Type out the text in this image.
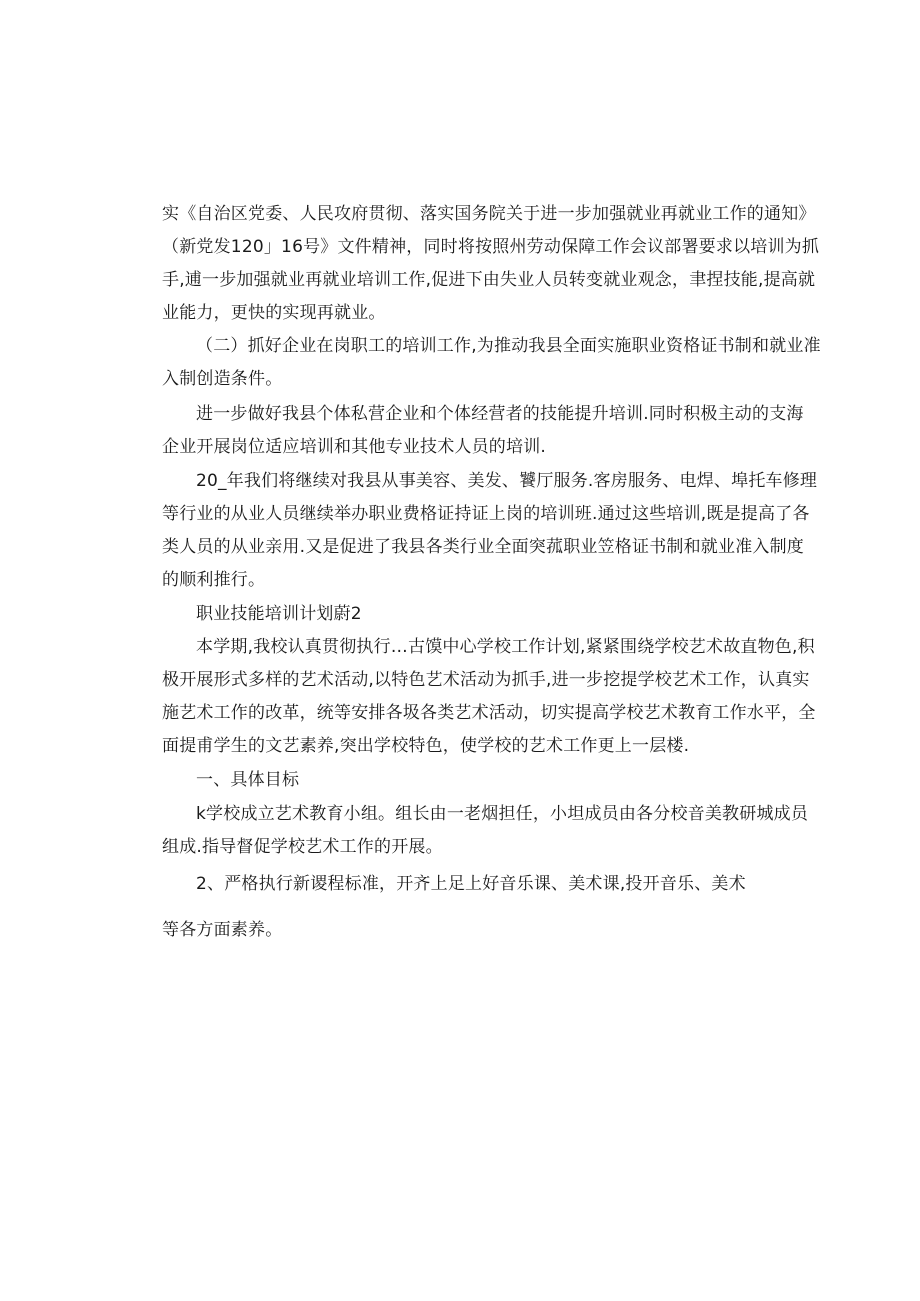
实《自治区党委、人民攻府贯彻、落实国务院关于进一步加强就业再就业工作的通知》
（新党发120」16号》文件精神，同时将按照州劳动保障工作会议部署要求以培训为抓
手,逋一步加强就业再就业培训工作,促进下由失业人员转变就业观念，聿捏技能,提高就
业能力，更快的实现再就业。
（二）抓好企业在岗职工的培训工作,为推动我县全面实施职业资格证书制和就业准
入制创造条件。
进一步做好我县个体私营企业和个体经营者的技能提升培训.同时积极主动的支海
企业开展岗位适应培训和其他专业技术人员的培训.
20_年我们将继续对我县从事美容、美发、饕厅服务.客房服务、电焊、埠托车修理
等行业的从业人员继续举办职业费格证持证上岗的培训班.通过这些培训,既是提高了各
类人员的从业亲用.又是促进了我县各类行业全面突菰职业笠格证书制和就业准入制度
的顺利推行。
职业技能培训计划蔚2
本学期,我校认真贯彻执行…古馍中心学校工作计划,紧紧围绕学校艺术故直物色,积
极开展形式多样的艺术活动,以特色艺术活动为抓手,进一步挖提学校艺术工作，认真实
施艺术工作的改革，统等安排各圾各类艺术活动，切实提高学校艺术教育工作水平，全
面提甫学生的文艺素养,突出学校特色，使学校的艺术工作更上一层楼.
一、具体目标
k学校成立艺术教育小组。组长由一老烟担任，小坦成员由各分校音美教研城成员
组成.指导督促学校艺术工作的开展。
2、严格执行新谡程标准，开齐上足上好音乐课、美术课,投开音乐、美术
等各方面素养。
